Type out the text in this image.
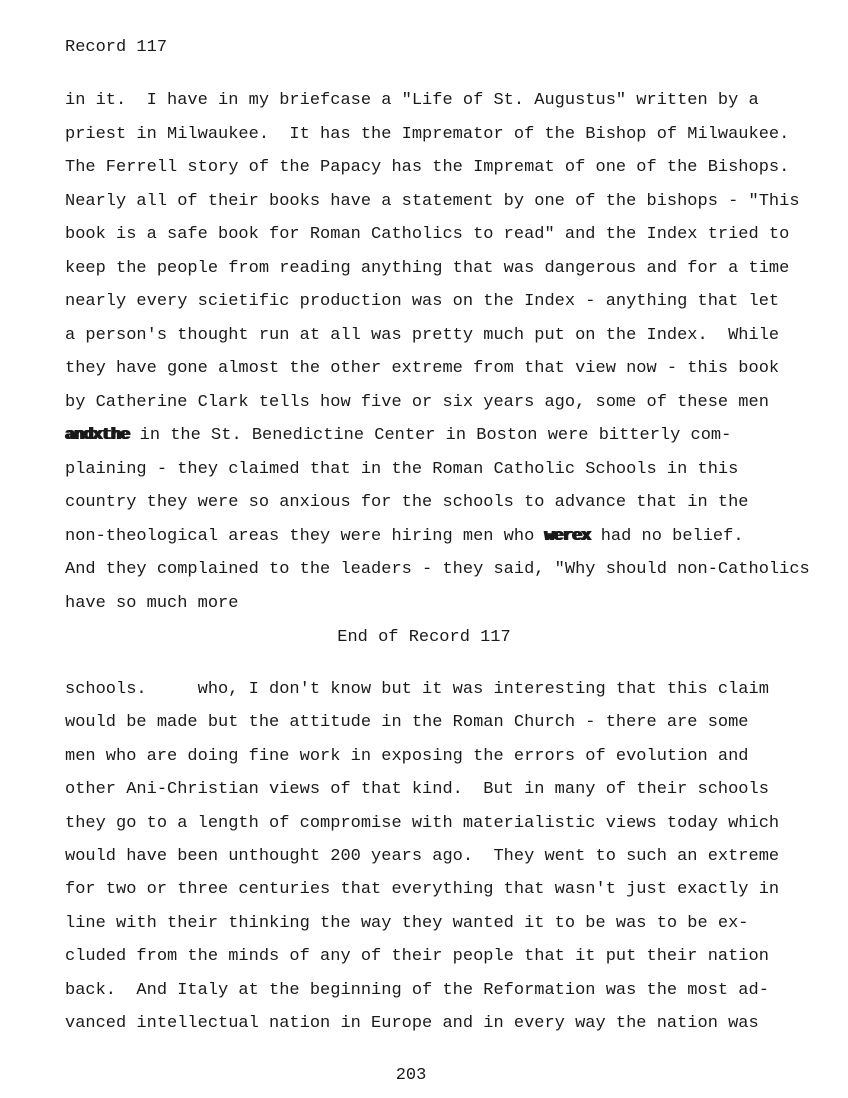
Record 117
End of Record 117
203
in it.  I have in my briefcase a "Life of St. Augustus" written by a
priest in Milwaukee.  It has the Impremator of the Bishop of Milwaukee.
The Ferrell story of the Papacy has the Impremat of one of the Bishops.
Nearly all of their books have a statement by one of the bishops - "This
book is a safe book for Roman Catholics to read" and the Index tried to
keep the people from reading anything that was dangerous and for a time
nearly every scietific production was on the Index - anything that let
a person's thought run at all was pretty much put on the Index.  While
they have gone almost the other extreme from that view now - this book
by Catherine Clark tells how five or six years ago, some of these men
andxthe in the St. Benedictine Center in Boston were bitterly com-
plaining - they claimed that in the Roman Catholic Schools in this
country they were so anxious for the schools to advance that in the
non-theological areas they were hiring men who werex had no belief.
And they complained to the leaders - they said, "Why should non-Catholics
have so much more
schools.     who, I don't know but it was interesting that this claim
would be made but the attitude in the Roman Church - there are some
men who are doing fine work in exposing the errors of evolution and
other Ani-Christian views of that kind.  But in many of their schools
they go to a length of compromise with materialistic views today which
would have been unthought 200 years ago.  They went to such an extreme
for two or three centuries that everything that wasn't just exactly in
line with their thinking the way they wanted it to be was to be ex-
cluded from the minds of any of their people that it put their nation
back.  And Italy at the beginning of the Reformation was the most ad-
vanced intellectual nation in Europe and in every way the nation was
